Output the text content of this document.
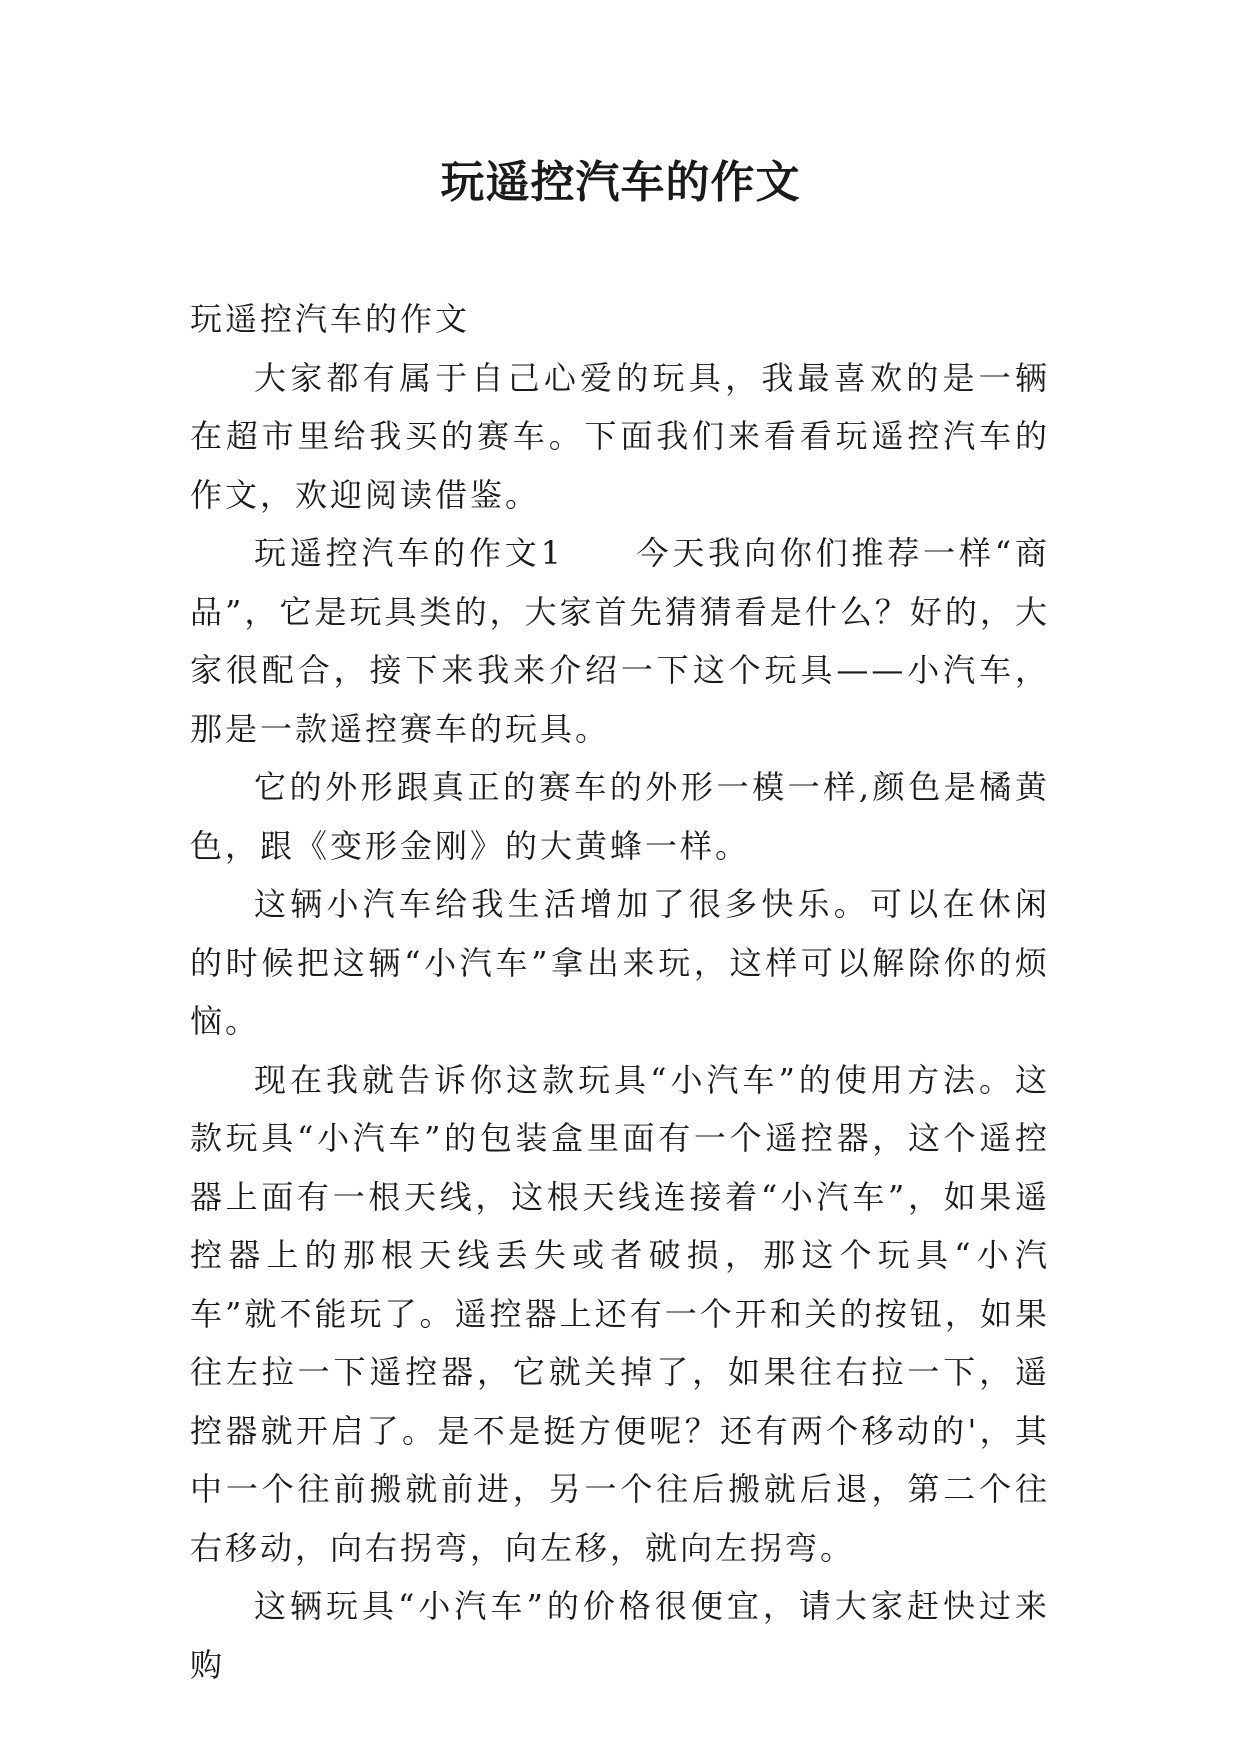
玩遥控汽车的作文

玩遥控汽车的作文

大家都有属于自己心爱的玩具，我最喜欢的是一辆在超市里给我买的赛车。下面我们来看看玩遥控汽车的作文，欢迎阅读借鉴。

玩遥控汽车的作文1　　今天我向你们推荐一样“商品”，它是玩具类的，大家首先猜猜看是什么？好的，大家很配合，接下来我来介绍一下这个玩具——小汽车，那是一款遥控赛车的玩具。

它的外形跟真正的赛车的外形一模一样,颜色是橘黄色，跟《变形金刚》的大黄蜂一样。

这辆小汽车给我生活增加了很多快乐。可以在休闲的时候把这辆“小汽车”拿出来玩，这样可以解除你的烦恼。

现在我就告诉你这款玩具“小汽车”的使用方法。这款玩具“小汽车”的包装盒里面有一个遥控器，这个遥控器上面有一根天线，这根天线连接着“小汽车”，如果遥控器上的那根天线丢失或者破损，那这个玩具“小汽车”就不能玩了。遥控器上还有一个开和关的按钮，如果往左拉一下遥控器，它就关掉了，如果往右拉一下，遥控器就开启了。是不是挺方便呢？还有两个移动的'，其中一个往前搬就前进，另一个往后搬就后退，第二个往右移动，向右拐弯，向左移，就向左拐弯。

这辆玩具“小汽车”的价格很便宜，请大家赶快过来购
